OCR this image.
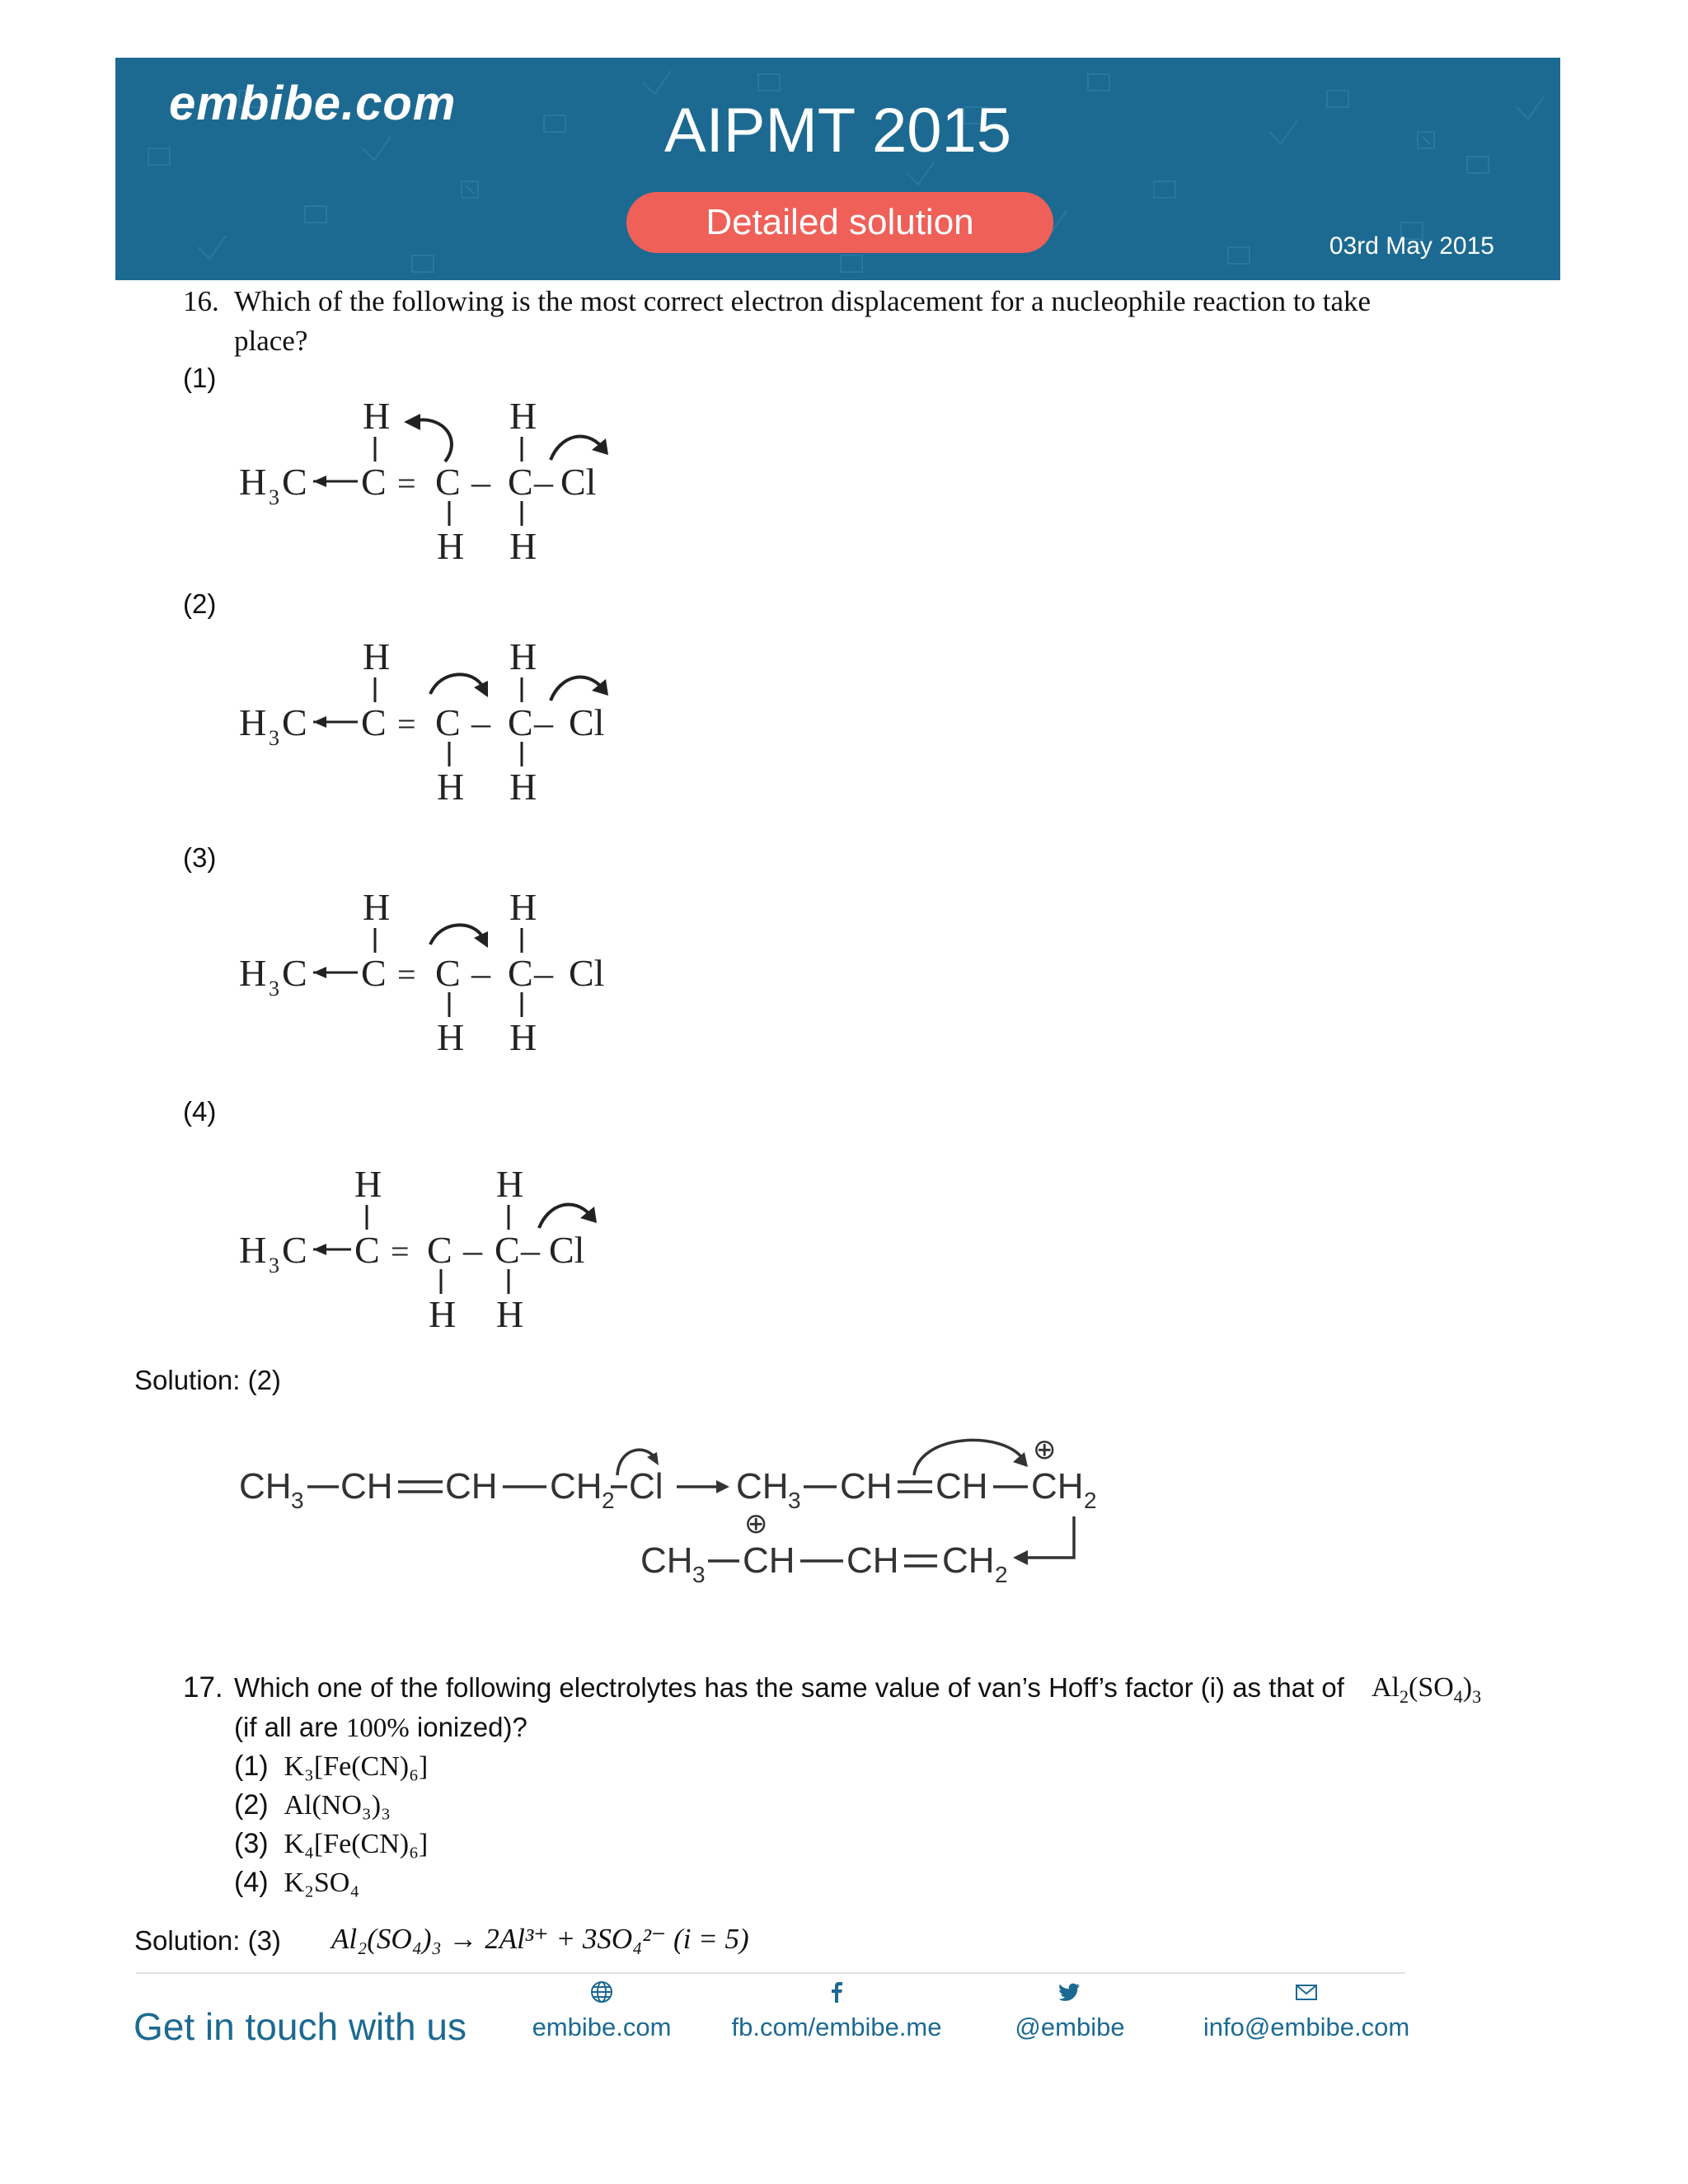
embibe.com	AIPMT 2015
Detailed solution
03rd May 2015
16. Which of the following is the most correct electron displacement for a nucleophile reaction to take
place?
(1)
(2)
(3)
(4)
H 3 C C = C – C – Cl
H	H
H H
H 3 C C = C – C – Cl
H	H
H H
H 3 C C = C – C – Cl
H	H
H H
H 3 C C = C – C – Cl
H	H
H H
Solution: (2)
CH 3 CH CH CH 2 Cl CH 3 CH CH CH 2
⊕
CH 3 CH CH CH 2
⊕
17. Which one of the following electrolytes has the same value of van’s Hoff’s factor (i) as that of $Al_2(SO_4)_3$
(if all are 100% ionized)?
(1) K₃[Fe(CN)₆]
(2) Al(NO₃)₃
(3) K₄[Fe(CN)₆]
(4) K₂SO₄
Solution: (3) Al₂(SO₄)₃ → 2Al³⁺ + 3SO₄²⁻ (i = 5)
Get in touch with us	embibe.com	fb.com/embibe.me	@embibe	info@embibe.com
